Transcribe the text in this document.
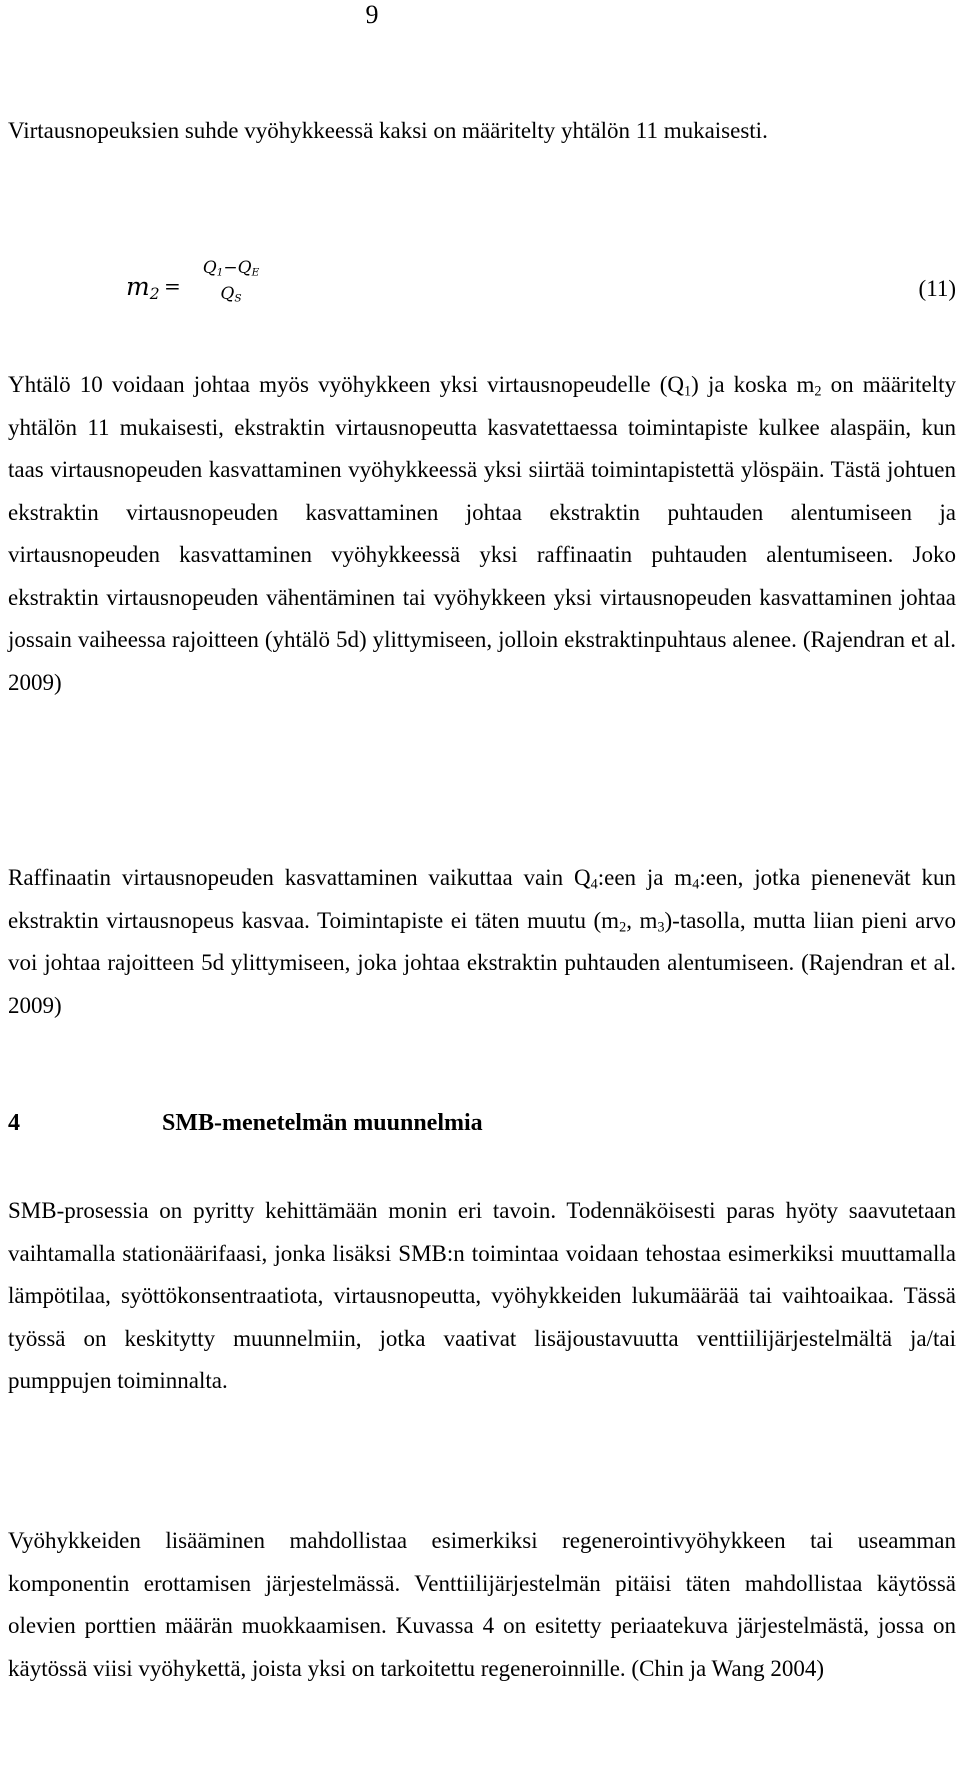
9

Virtausnopeuksien suhde vyöhykkeessä kaksi on määritelty yhtälön 11 mukaisesti.

$m_2$ =
$Q_1-Q_E$
$Q_S$	(11)

Yhtälö 10 voidaan johtaa myös vyöhykkeen yksi virtausnopeudelle $(Q_1)$ ja koska $m_2$ on määritelty yhtälön 11 mukaisesti, ekstraktin virtausnopeutta kasvatettaessa toimintapiste kulkee alaspäin, kun taas virtausnopeuden kasvattaminen vyöhykkeessä yksi siirtää toimintapistettä ylöspäin. Tästä johtuen ekstraktin virtausnopeuden kasvattaminen johtaa ekstraktin puhtauden alentumiseen ja virtausnopeuden kasvattaminen vyöhykkeessä yksi raffinaatin puhtauden alentumiseen. Joko ekstraktin virtausnopeuden vähentäminen tai vyöhykkeen yksi virtausnopeuden kasvattaminen johtaa jossain vaiheessa rajoitteen (yhtälö 5d) ylittymiseen, jolloin ekstraktinpuhtaus alenee. (Rajendran et al. 2009)

Raffinaatin virtausnopeuden kasvattaminen vaikuttaa vain $Q_4:een$ ja $m_4:een$, jotka pienenevät kun ekstraktin virtausnopeus kasvaa. Toimintapiste ei täten muutu ($m_2$, $m_3$)-tasolla, mutta liian pieni arvo voi johtaa rajoitteen 5d ylittymiseen, joka johtaa ekstraktin puhtauden alentumiseen. (Rajendran et al. 2009)

4	SMB-menetelmän muunnelmia

SMB-prosessia on pyritty kehittämään monin eri tavoin. Todennäköisesti paras hyöty saavutetaan vaihtamalla stationäärifaasi, jonka lisäksi SMB:n toimintaa voidaan tehostaa esimerkiksi muuttamalla lämpötilaa, syöttökonsentraatiota, virtausnopeutta, vyöhykkeiden lukumäärää tai vaihtoaikaa. Tässä työssä on keskitytty muunnelmiin, jotka vaativat lisäjoustavuutta venttiilijärjestelmältä ja/tai pumppujen toiminnalta.

Vyöhykkeiden lisääminen mahdollistaa esimerkiksi regenerointivyöhykkeen tai useamman komponentin erottamisen järjestelmässä. Venttiilijärjestelmän pitäisi täten mahdollistaa käytössä olevien porttien määrän muokkaamisen. Kuvassa 4 on esitetty periaatekuva järjestelmästä, jossa on käytössä viisi vyöhykettä, joista yksi on tarkoitettu regeneroinnille. (Chin ja Wang 2004)
